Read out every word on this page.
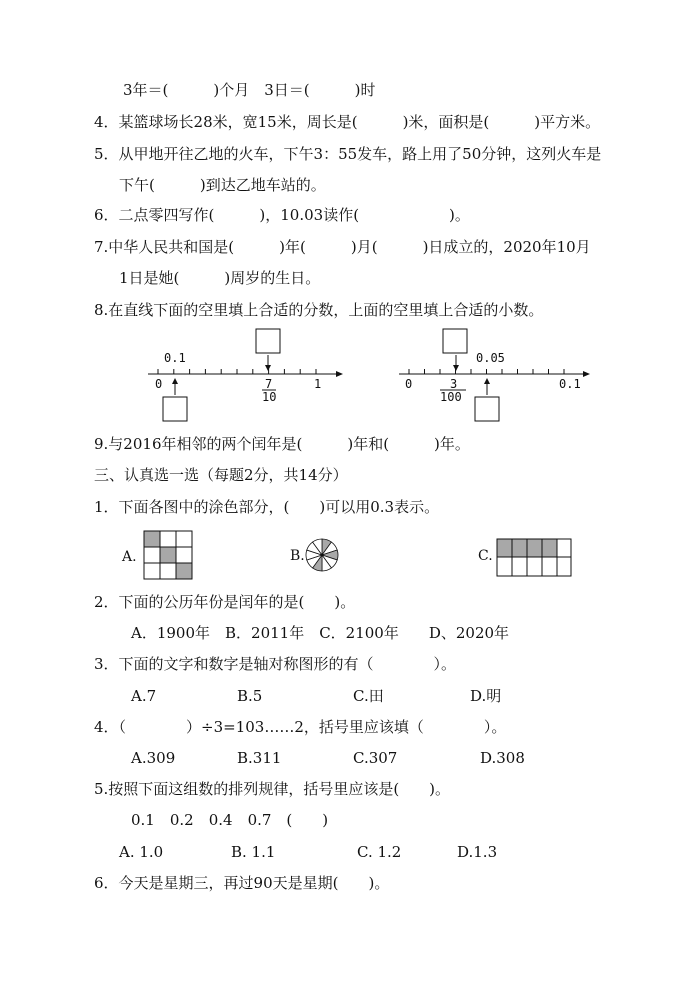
3年＝(　　　)个月　3日＝(　　　)时
4．某篮球场长28米，宽15米，周长是(　　　)米，面积是(　　　)平方米。
5．从甲地开往乙地的火车，下午3：55发车，路上用了50分钟，这列火车是
下午(　　　)到达乙地车站的。
6．二点零四写作(　　　)，10.03读作(　　　　　　)。
7.中华人民共和国是(　　　)年(　　　)月(　　　)日成立的，2020年10月
1日是她(　　　)周岁的生日。
8.在直线下面的空里填上合适的分数，上面的空里填上合适的小数。
0
0.1
7
10
1	0	3
100
0.05
0.1
9.与2016年相邻的两个闰年是(　　　)年和(　　　)年。
三、认真选一选（每题2分，共14分）
1．下面各图中的涂色部分，(　　)可以用0.3表示。
A.	B.	C.
2．下面的公历年份是闰年的是(　　)。
A．1900年　B．2011年　C．2100年　　D、2020年
3．下面的文字和数字是轴对称图形的有（　　　　）。
A.7	B.5	C.田	D.明
4．（　　　　）÷3=103……2，括号里应该填（　　　　）。
A.309	B.311	C.307	D.308
5.按照下面这组数的排列规律，括号里应该是(　　)。
0.1　0.2　0.4　0.7　(　　)
A. 1.0	B. 1.1	C. 1.2	D.1.3
6．今天是星期三，再过90天是星期(　　)。
